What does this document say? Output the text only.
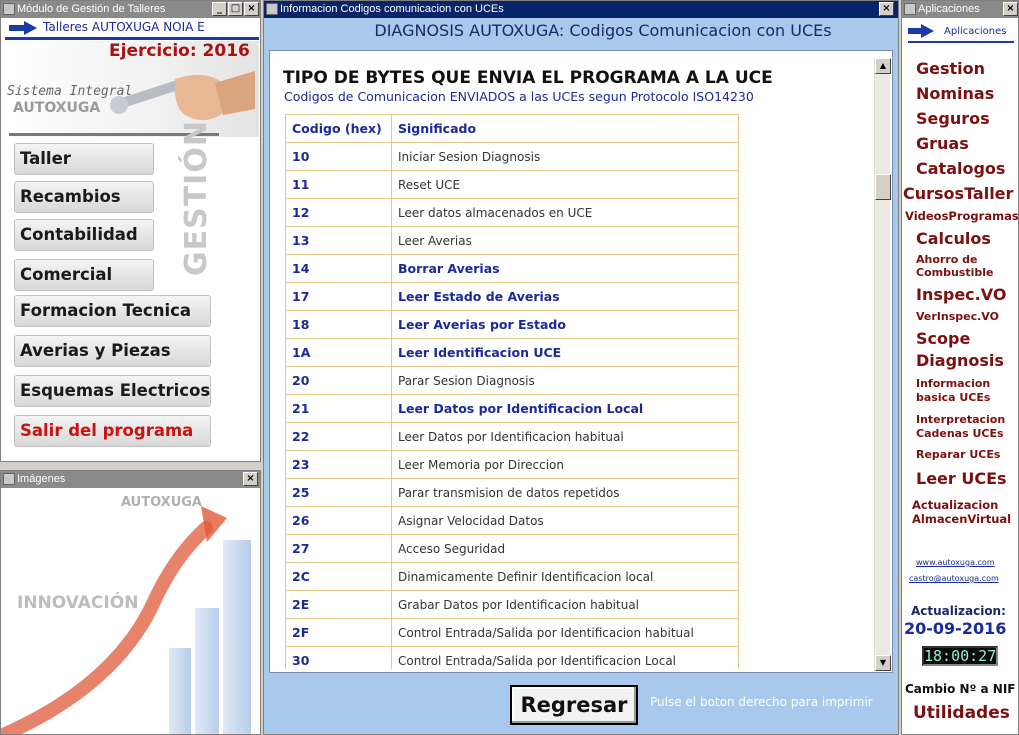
Módulo de Gestión de Talleres	_ □ ×
Talleres AUTOXUGA NOIA E
Ejercicio: 2016
Sistema Integral
AUTOXUGA
GESTIÓN
Taller
Recambios
Contabilidad
Comercial
Formacion Tecnica
Averias y Piezas
Esquemas Electricos
Salir del programa
Imágenes	×
AUTOXUGA
INNOVACIÓN
Informacion Codigos comunicacion con UCEs	×
DIAGNOSIS AUTOXUGA: Codigos Comunicacion con UCEs
▲
▼
Regresar	Pulse el boton derecho para imprimir
TIPO DE BYTES QUE ENVIA EL PROGRAMA A LA UCE
Codigos de Comunicacion ENVIADOS a las UCEs segun Protocolo ISO14230
Codigo (hex)	Significado
10	Iniciar Sesion Diagnosis
11	Reset UCE
12	Leer datos almacenados en UCE
13	Leer Averias
14	Borrar Averias
17	Leer Estado de Averias
18	Leer Averias por Estado
1A	Leer Identificacion UCE
20	Parar Sesion Diagnosis
21	Leer Datos por Identificacion Local
22	Leer Datos por Identificacion habitual
23	Leer Memoria por Direccion
25	Parar transmision de datos repetidos
26	Asignar Velocidad Datos
27	Acceso Seguridad
2C	Dinamicamente Definir Identificacion local
2E	Grabar Datos por Identificacion habitual
2F	Control Entrada/Salida por Identificacion habitual
30	Control Entrada/Salida por Identificacion Local
Aplicaciones	×
Aplicaciones
Gestion
Nominas
Seguros
Gruas
Catalogos
CursosTaller
VideosProgramas
Calculos
Ahorro de
Combustible
Inspec.VO
VerInspec.VO
Scope
Diagnosis
Informacion
basica UCEs
Interpretacion
Cadenas UCEs
Reparar UCEs
Leer UCEs
Actualizacion
AlmacenVirtual
www.autoxuga.com
castro@autoxuga.com
Actualizacion:
20-09-2016
18:00:27
Cambio Nº a NIF
Utilidades
